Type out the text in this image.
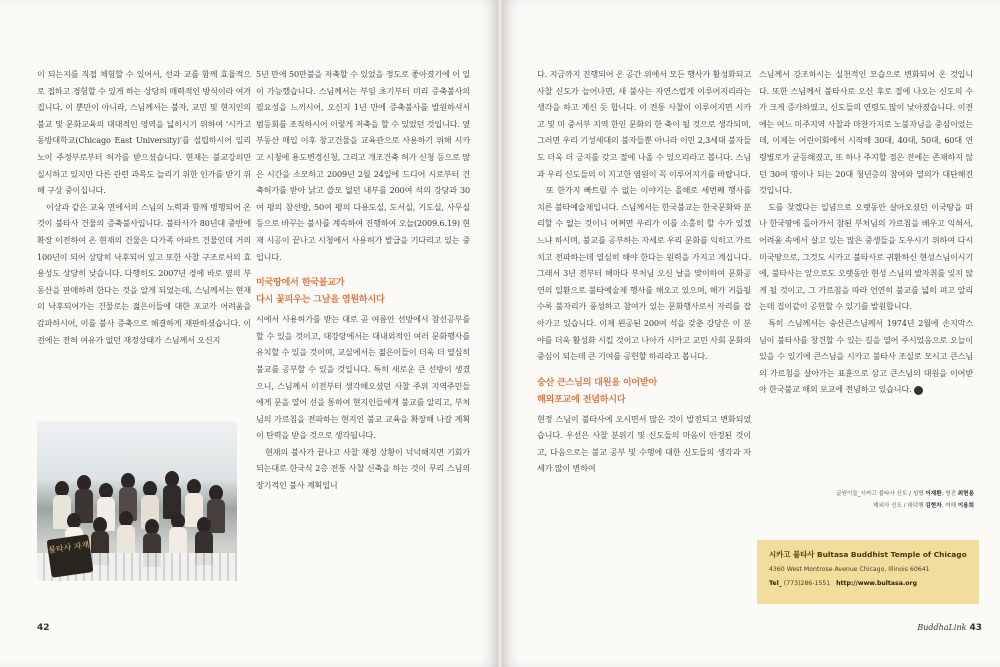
이 되는지를 직접 체험할 수 있어서, 선과 교를 함께 효율적으로 접하고 경험할 수 있게 하는 상당히 매력적인 방식이라 여겨집니다. 이 뿐만이 아니라, 스님께서는 불자, 교민 및 현지인의 불교 및 문화교육의 대대적인 영역을 넓히시기 위하여 '시카고 동방대학교(Chicago East University)'를 설립하시어 일리노이 주정부로부터 허가를 받으셨습니다. 현재는 불교강의만 실시하고 있지만 다른 관련 과목도 늘리기 위한 인가를 받기 위해 구상 중이십니다.

이상과 같은 교육 면에서의 스님의 노력과 함께 병행되어 온 것이 불타사 건물의 증축불사입니다. 불타사가 80년대 중반에 확장 이전하여 온 현재의 건물은 다가족 아파트 건물인데 거의 100년이 되어 상당히 낙후되어 있고 또한 사찰 구조로서의 효용성도 상당히 낮습니다. 다행히도 2007년 경에 바로 옆의 부동산을 판매하려 한다는 것을 알게 되었는데, 스님께서는 현재의 낙후되어가는 건물로는 젊은이들에 대한 포교가 어려움을 감파하시어, 이를 불사 증축으로 해결하게 재판하셨습니다. 이전에는 전혀 여유가 없던 재정상태가 스님께서 오신지

불타사 자재

5년 만에 50만불을 저축할 수 있었을 정도로 좋아졌기에 이 일이 가능했습니다. 스님께서는 부임 초기부터 미리 증축불사의 필요성을 느끼시어, 오신지 1년 만에 증축불사를 발원하셔서 범등회를 조직하시어 이렇게 저축을 할 수 있었던 것입니다. 옆 부동산 매입 이후 창고건물을 교육관으로 사용하기 위해 시카고 시청에 용도변경신청, 그리고 개조건축 허가 신청 등으로 많은 시간을 소모하고 2009년 2월 24일에 드디어 시로부터 건축허가를 받아 낡고 쓸모 없던 내부를 200여 석의 강당과 30여 평의 참선방, 50여 평의 다용도실, 도서실, 기도실, 사무실 등으로 바꾸는 불사를 계속하여 진행하여 오늘(2009.6.19) 현재 시공이 끝나고 시청에서 사용허가 발급을 기다리고 있는 중입니다.

미국땅에서 한국불교가
다시 꽃피우는 그날을 염원하시다

시에서 사용허가를 받는 대로 곧 여름안 선방에서 참선공부를 할 수 있을 것이고, 대강당에서는 대내외적인 여러 문화행사를 유치할 수 있을 것이며, 교실에서는 젊은이들이 더욱 더 열심히 불교를 공부할 수 있을 것입니다. 특히 새로운 큰 선방이 생겼으니, 스님께서 이전부터 생각해오셨던 사찰 주위 지역주민들에게 문을 열어 선을 통하여 현지인들에게 불교를 알리고, 부처님의 가르침을 전파하는 현지인 불교 교육을 확장해 나갈 계획이 탄력을 받을 것으로 생각됩니다.

현재의 불사가 끝나고 사찰 재정 상황이 넉넉해지면 기회가 되는대로 한국식 2층 전통 사찰 신축을 하는 것이 무리 스님의 장기적인 불사 계획입니

42

다. 지금까지 진행되어 온 공간 위에서 모든 행사가 활성화되고 사찰 신도가 늘어나면, 새 불사는 자연스럽게 이루어지리라는 생각을 하고 계신 듯 합니다. 이 전통 사찰이 이루어지면 시카고 및 미 중서부 지역 한인 문화의 한 축이 될 것으로 생각되며, 그러면 우리 기성세대의 불자들뿐 아니라 이민 2,3세대 불자들도 더욱 더 긍지를 갖고 절에 나올 수 있으리라고 봅니다. 스님과 우리 신도들의 이 지고한 염원이 꼭 이루어지기를 바랍니다.

또 한가지 빠트릴 수 없는 이야기는 올해로 세번째 행사를 치른 불타예술제입니다. 스님께서는 한국불교는 한국문화와 분리할 수 없는 것이니 어쩌면 우리가 이를 소홀히 할 수가 있겠느냐 하시며, 불교를 공부하는 자세로 우리 문화를 익히고 가르치고 전파하는데 열심히 해야 한다는 원력을 가지고 계십니다. 그래서 3년 전부터 해마다 부처님 오신 날을 맞이하여 문화공연의 일환으로 불타예술제 행사를 해오고 있으며, 해가 거듭될수록 불자리가 풍성하고 참여가 있는 문화행사로서 자리를 잡아가고 있습니다. 이제 왼공된 200여 석을 갖춘 강당은 이 분야를 더욱 활성화 시킬 것이고 나아가 시카고 교민 사회 문화의 중심이 되는데 큰 기여를 공헌할 하리라고 봅니다.

숭산 큰스님의 대원을 이어받아
해외포교에 전념하시다

현정 스님이 불타사에 오시면서 많은 것이 발전되고 변화되었습니다. 우선은 사찰 분위기 및 신도들의 마음이 안정된 것이고, 다음으로는 불교 공부 및 수행에 대한 신도들의 생각과 자세가 많이 변하여

스님께서 강조하시는 실천적인 모습으로 변화되어 온 것입니다. 또한 스님께서 불타사로 오신 후로 절에 나오는 신도의 수가 크게 증가하였고, 신도들의 연령도 많이 낮아졌습니다. 이전에는 여느 미주지역 사찰과 마찬가지로 노불자님을 중심이었는데, 이제는 어린이회에서 시작해 30대, 40대, 50대, 60대 연령별로가 균등해졌고, 또 하나 주지할 점은 전에는 존재하지 않던 30여 명이나 되는 20대 청년층의 참여와 열의가 대단해진 것입니다.

도를 찾겠다는 일념으로 오랫동안 살아오셨던 이국땅을 떠나 한국땅에 돌아가서 참된 부처님의 가르침을 배우고 익혀서, 어려움 속에서 살고 있는 많은 중생들을 도우시기 위하여 다시 미국땅으로, 그것도 시카고 불타사로 귀환하신 현성스님이시기에, 불타사는 앞으로도 오랫동안 현성 스님의 발자취를 잊지 않게 될 것이고, 그 가르침을 따라 언연히 불교를 넓히 펴고 알리는데 집이같이 공헌할 수 있기를 발원합니다.

특히 스님께서는 숭산큰스님께서 1974년 2월에 손지막스님이 불타사를 창건할 수 있는 길을 열어 주시었음으로 오늘이 있을 수 있기에 큰스님을 시카고 불타사 조실로 모시고 큰스님의 가르침을 살아가는 표훈으로 삼고 큰스님의 대원을 이어받아 한국불교 해외 포교에 전념하고 있습니다. 불

BuddhaLink 43
글원이들_시카고 불타사 신도 / 성명 이재환, 명진 최현용
해외사 신도 / 대덕행 김현자, 여해 이용희
시카고 불타사 Bultasa Buddhist Temple of Chicago
4360 West Montrose Avenue Chicago, Illinois 60641
Tel_ (773)286-1551 http://www.bultasa.org
